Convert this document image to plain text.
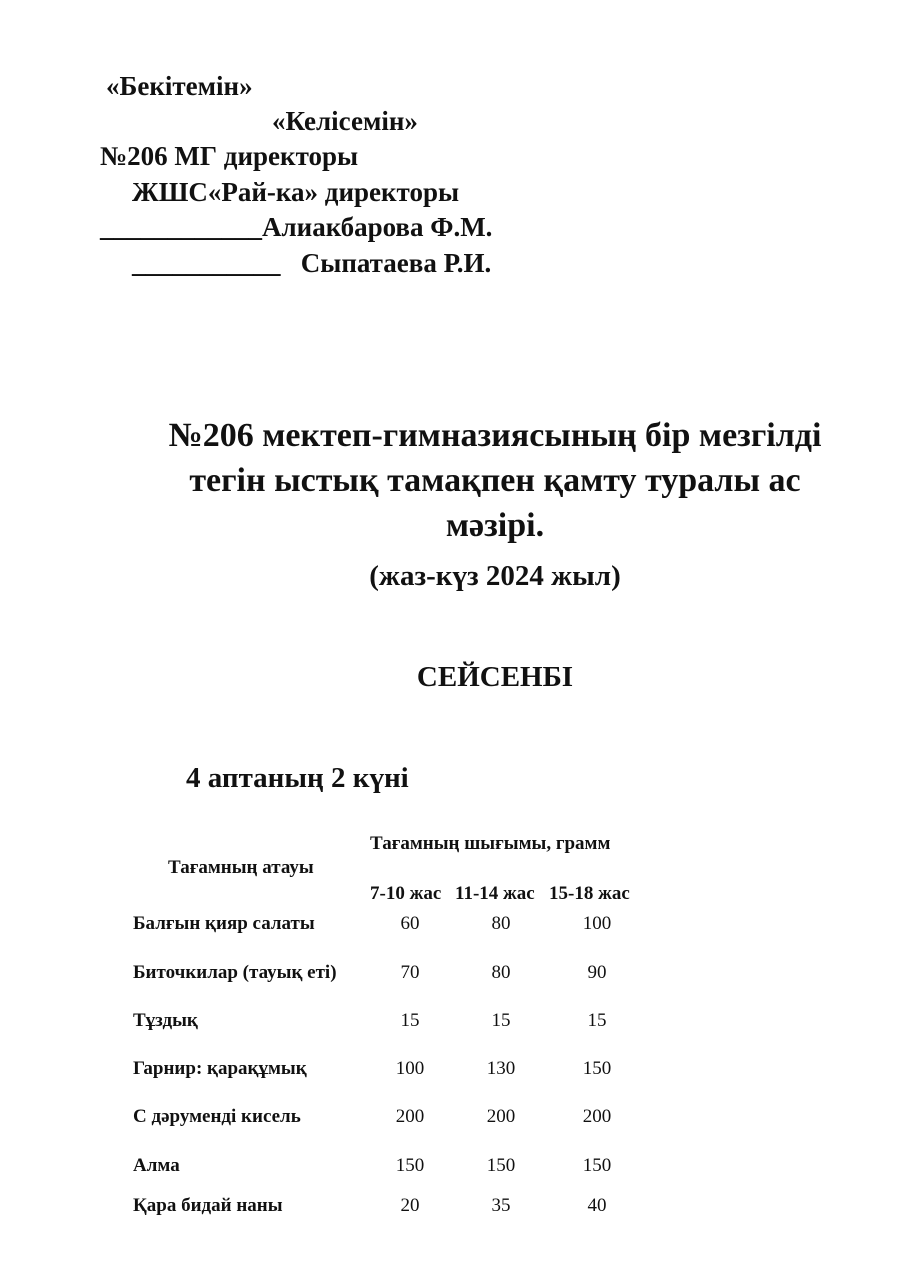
«Бекітемін»
«Келісемін»
№206 МГ директоры
ЖШС«Рай-ка» директоры
____________Алиакбарова Ф.М.
___________ Сыпатаева Р.И.
№206 мектеп-гимназиясының бір мезгілді
тегін ыстық тамақпен қамту туралы ас
мәзірі.
(жаз-күз 2024 жыл)
СЕЙСЕНБІ
4 аптаның 2 күні
Тағамның атауы
Тағамның шығымы, грамм
7-10 жас 11-14 жас 15-18 жас
Балғын қияр салаты	60	80	100
Биточкилар (тауық еті)	70	80	90
Тұздық	15	15	15
Гарнир: қарақұмық	100	130	150
С дәруменді кисель	200	200	200
Алма	150	150	150
Қара бидай наны	20	35	40
